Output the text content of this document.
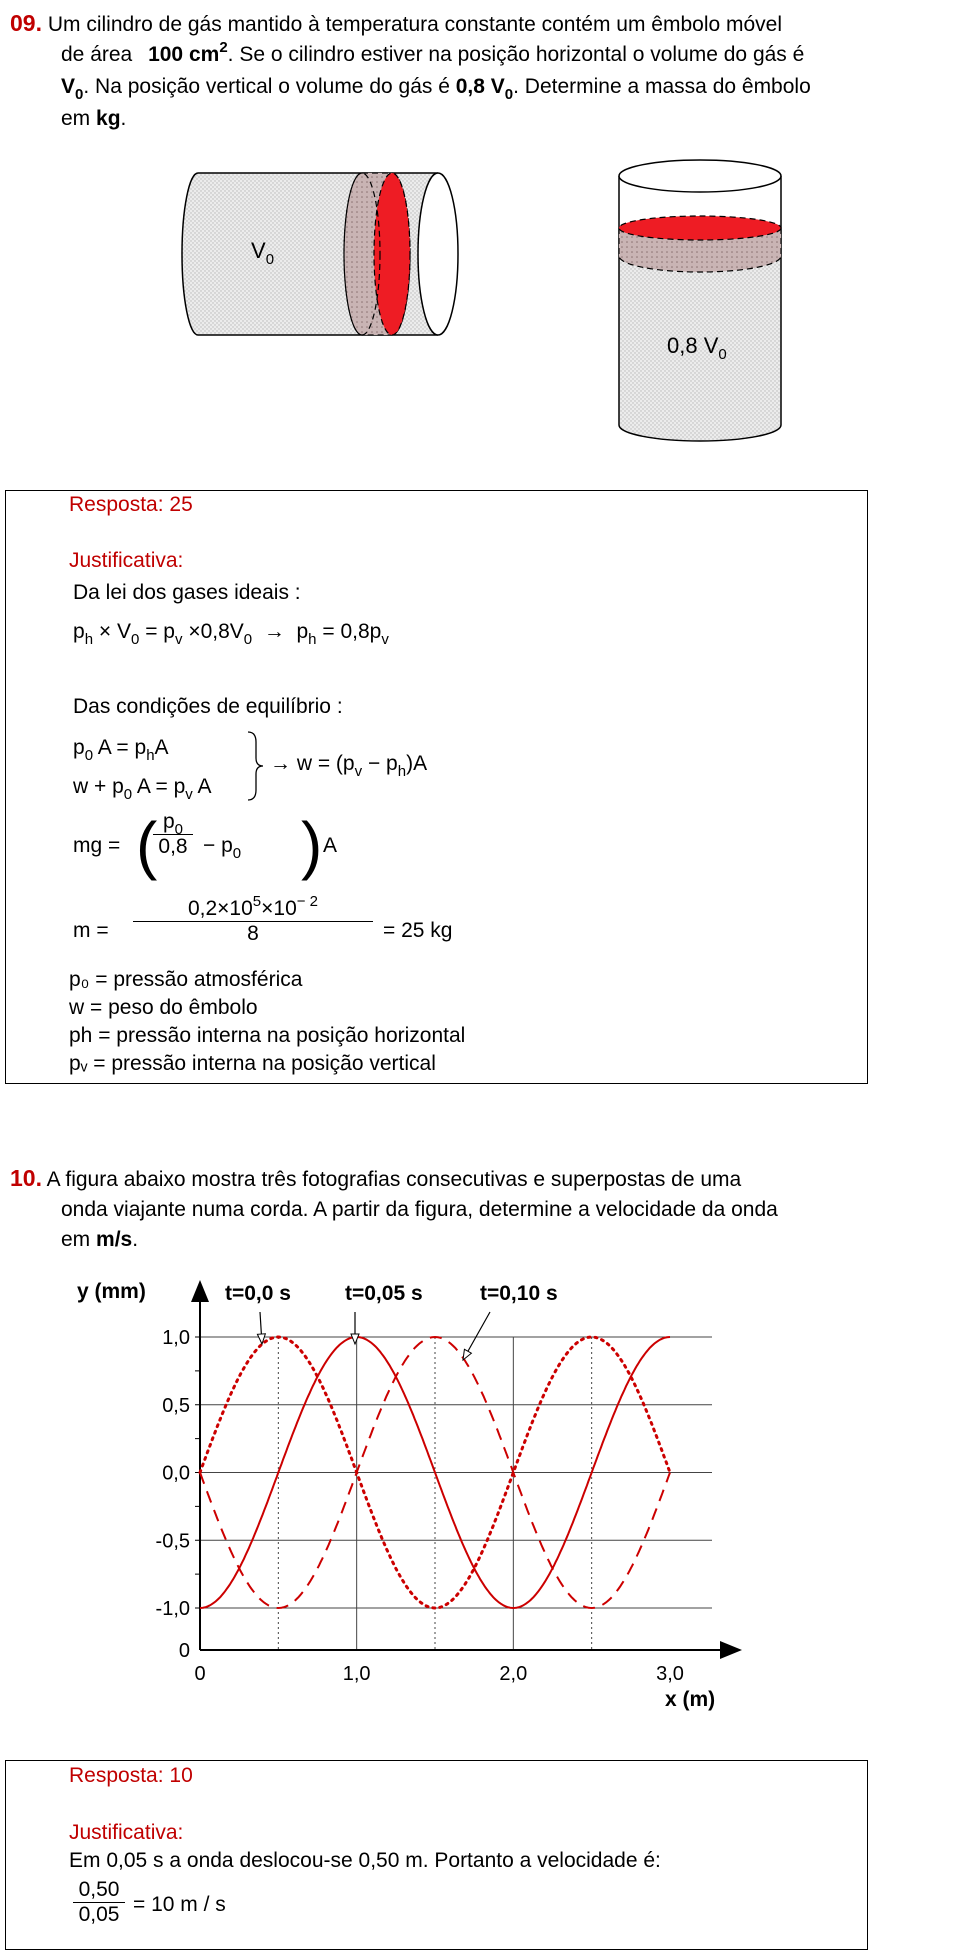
09. Um cilindro de gás mantido à temperatura constante contém um êmbolo móvel
de área 100 $cm^2$. Se o cilindro estiver na posição horizontal o volume do gás é
$V_0$. Na posição vertical o volume do gás é 0,8 $V_0$. Determine a massa do êmbolo
em kg.
$V_0$
0,8 $V_0$
Resposta: 25
Justificativa:
Da lei dos gases ideais :
$p_h \times V_0 = p_v \times 0,8V_0 \to p_h = 0,8p_v$
Das condições de equilíbrio :
$p_0$ $A = p_hA$
$w + p_0$ $A = p_v$ A
→ $w = (p_v - p_h)A$
mg = ( $p_0$
$0,8 - p_0$ ) A
m =
$0,2\times 10^5\times 10^{- 2}$
8	= 25 kg
p₀ = pressão atmosférica
w = peso do êmbolo
ph = pressão interna na posição horizontal
pᵥ = pressão interna na posição vertical
10. A figura abaixo mostra três fotografias consecutivas e superpostas de uma
onda viajante numa corda. A partir da figura, determine a velocidade da onda
em m/s.
1,0
0,5
0,0
-0,5
-1,0
0
0	1,0	2,0	3,0
y (mm)
x (m)
t=0,0 s	t=0,05 s	t=0,10 s
Resposta: 10
Justificativa:
Em 0,05 s a onda deslocou-se 0,50 m. Portanto a velocidade é:
0,50
0,05 = 10 m / s
